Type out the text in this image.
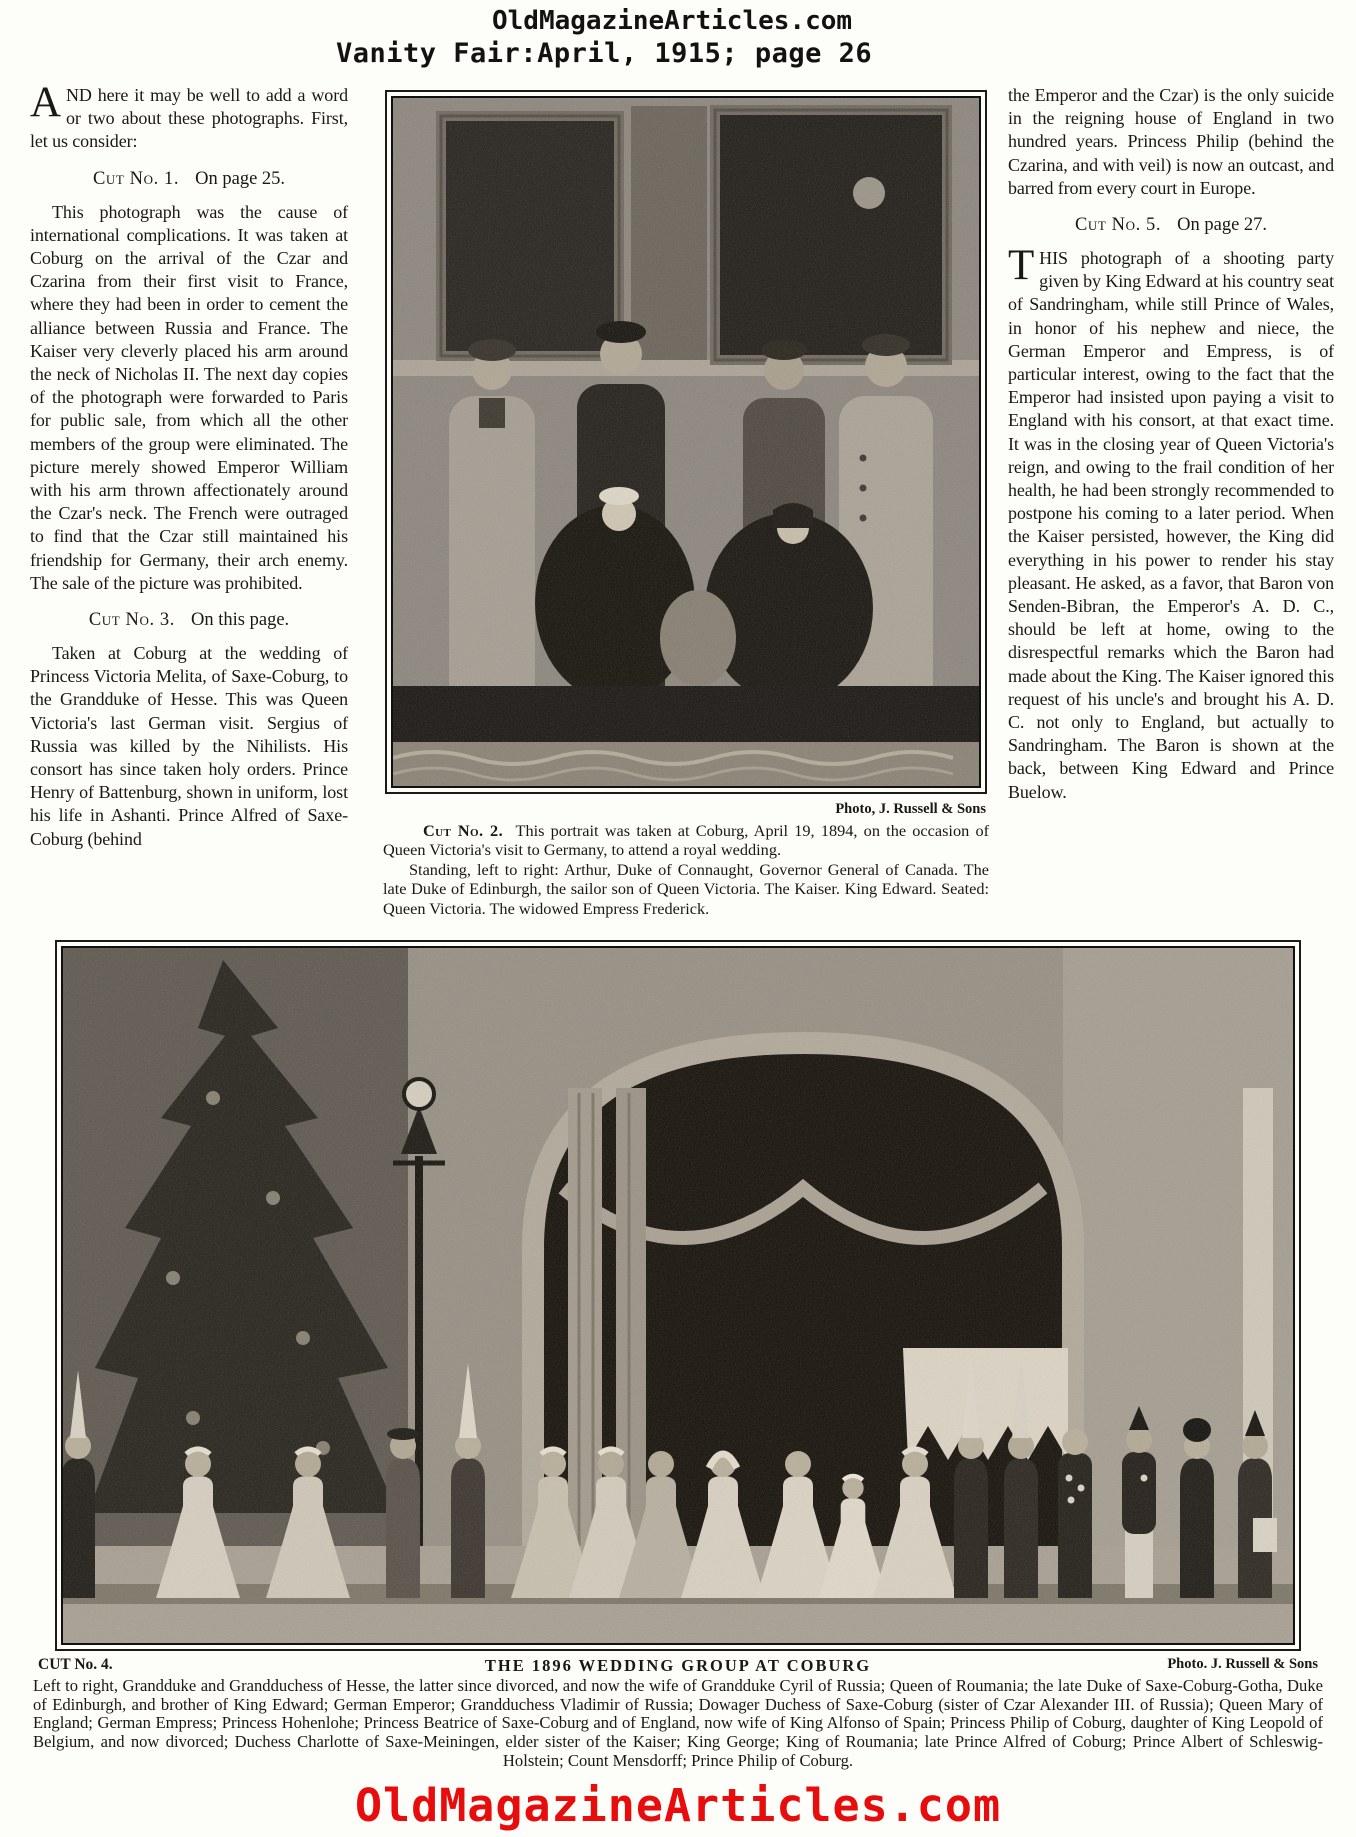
OldMagazineArticles.com
Vanity Fair:April, 1915; page 26

AND here it may be well to add a word or two about these photographs. First, let us consider:

Cut No. 1. On page 25.

This photograph was the cause of international complications. It was taken at Coburg on the arrival of the Czar and Czarina from their first visit to France, where they had been in order to cement the alliance between Russia and France. The Kaiser very cleverly placed his arm around the neck of Nicholas II. The next day copies of the photograph were forwarded to Paris for public sale, from which all the other members of the group were eliminated. The picture merely showed Emperor William with his arm thrown affectionately around the Czar's neck. The French were outraged to find that the Czar still maintained his friendship for Germany, their arch enemy. The sale of the picture was prohibited.

Cut No. 3. On this page.

Taken at Coburg at the wedding of Princess Victoria Melita, of Saxe-Coburg, to the Grandduke of Hesse. This was Queen Victoria's last German visit. Sergius of Russia was killed by the Nihilists. His consort has since taken holy orders. Prince Henry of Battenburg, shown in uniform, lost his life in Ashanti. Prince Alfred of Saxe-Coburg (behind

the Emperor and the Czar) is the only suicide in the reigning house of England in two hundred years. Princess Philip (behind the Czarina, and with veil) is now an outcast, and barred from every court in Europe.

Cut No. 5. On page 27.

THIS photograph of a shooting party given by King Edward at his country seat of Sandringham, while still Prince of Wales, in honor of his nephew and niece, the German Emperor and Empress, is of particular interest, owing to the fact that the Emperor had insisted upon paying a visit to England with his consort, at that exact time. It was in the closing year of Queen Victoria's reign, and owing to the frail condition of her health, he had been strongly recommended to postpone his coming to a later period. When the Kaiser persisted, however, the King did everything in his power to render his stay pleasant. He asked, as a favor, that Baron von Senden-Bibran, the Emperor's A. D. C., should be left at home, owing to the disrespectful remarks which the Baron had made about the King. The Kaiser ignored this request of his uncle's and brought his A. D. C. not only to England, but actually to Sandringham. The Baron is shown at the back, between King Edward and Prince Buelow.

Photo, J. Russell & Sons

Cut No. 2. This portrait was taken at Coburg, April 19, 1894, on the occasion of Queen Victoria's visit to Germany, to attend a royal wedding.

Standing, left to right: Arthur, Duke of Connaught, Governor General of Canada. The late Duke of Edinburgh, the sailor son of Queen Victoria. The Kaiser. King Edward. Seated: Queen Victoria. The widowed Empress Frederick.

CUT No. 4.	THE 1896 WEDDING GROUP AT COBURG	Photo. J. Russell & Sons
Left to right, Grandduke and Grandduchess of Hesse, the latter since divorced, and now the wife of Grandduke Cyril of Russia; Queen of Roumania; the late Duke of Saxe-Coburg-Gotha, Duke of Edinburgh, and brother of King Edward; German Emperor; Grandduchess Vladimir of Russia; Dowager Duchess of Saxe-Coburg (sister of Czar Alexander III. of Russia); Queen Mary of England; German Empress; Princess Hohenlohe; Princess Beatrice of Saxe-Coburg and of England, now wife of King Alfonso of Spain; Princess Philip of Coburg, daughter of King Leopold of Belgium, and now divorced; Duchess Charlotte of Saxe-Meiningen, elder sister of the Kaiser; King George; King of Roumania; late Prince Alfred of Coburg; Prince Albert of Schleswig-Holstein; Count Mensdorff; Prince Philip of Coburg.
OldMagazineArticles.com
